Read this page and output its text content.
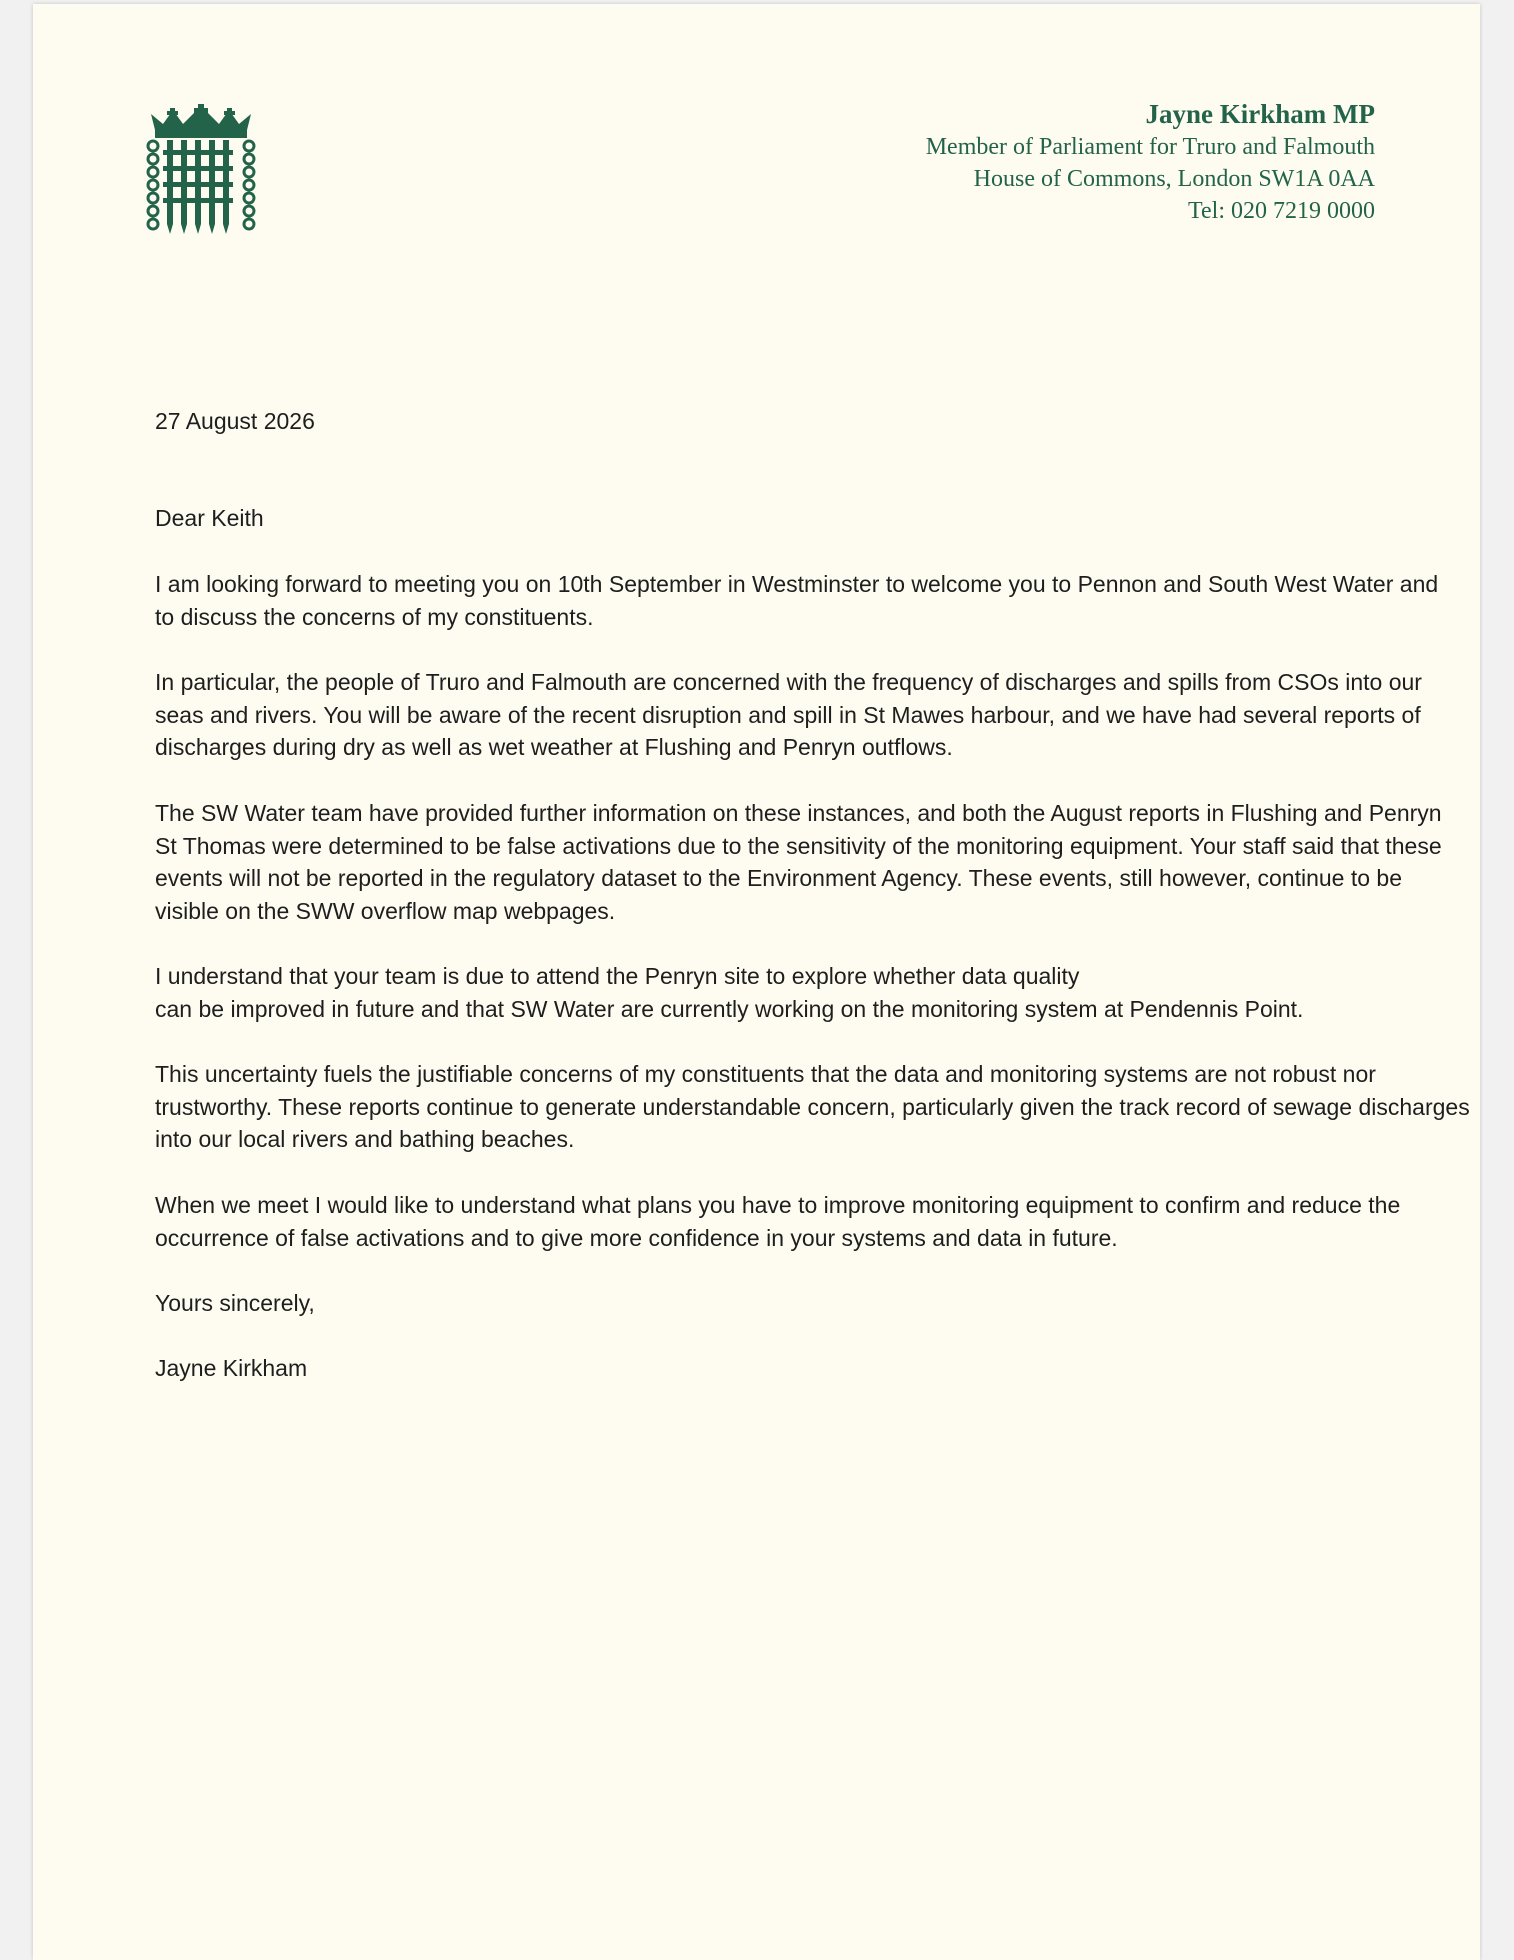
Jayne Kirkham MP
Member of Parliament for Truro and Falmouth
House of Commons, London SW1A 0AA
Tel: 020 7219 0000

27 August 2026

Dear Keith

I am looking forward to meeting you on 10th September in Westminster to welcome you to Pennon and South West Water and to discuss the concerns of my constituents.

In particular, the people of Truro and Falmouth are concerned with the frequency of discharges and spills from CSOs into our seas and rivers. You will be aware of the recent disruption and spill in St Mawes harbour, and we have had several reports of discharges during dry as well as wet weather at Flushing and Penryn outflows.

The SW Water team have provided further information on these instances, and both the August reports in Flushing and Penryn St Thomas were determined to be false activations due to the sensitivity of the monitoring equipment. Your staff said that these events will not be reported in the regulatory dataset to the Environment Agency. These events, still however, continue to be visible on the SWW overflow map webpages.

I understand that your team is due to attend the Penryn site to explore whether data quality

can be improved in future and that SW Water are currently working on the monitoring system at Pendennis Point.

This uncertainty fuels the justifiable concerns of my constituents that the data and monitoring systems are not robust nor trustworthy. These reports continue to generate understandable concern, particularly given the track record of sewage discharges into our local rivers and bathing beaches.

When we meet I would like to understand what plans you have to improve monitoring equipment to confirm and reduce the occurrence of false activations and to give more confidence in your systems and data in future.

Yours sincerely,

Jayne Kirkham
